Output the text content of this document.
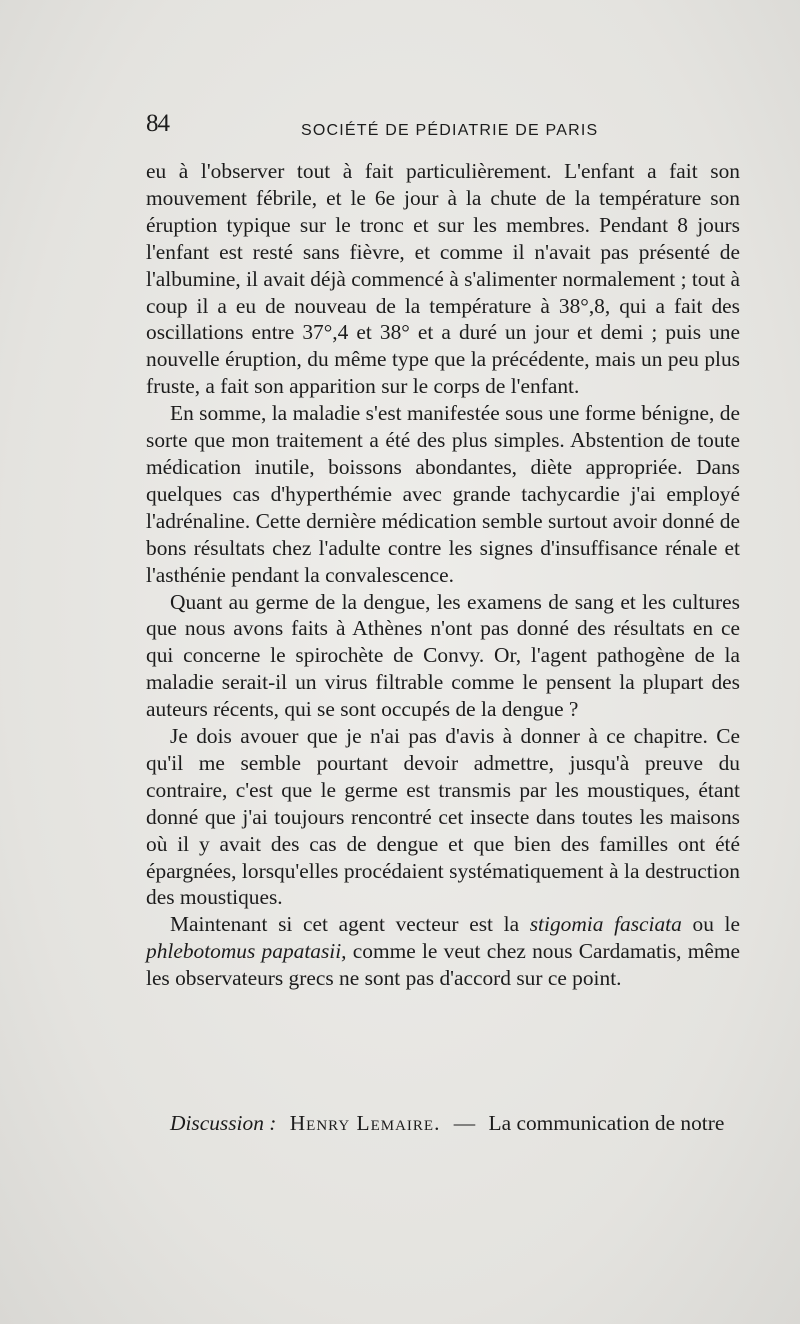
84	SOCIÉTÉ DE PÉDIATRIE DE PARIS

eu à l'observer tout à fait particulièrement. L'enfant a fait son mouvement fébrile, et le 6e jour à la chute de la température son éruption typique sur le tronc et sur les membres. Pendant 8 jours l'enfant est resté sans fièvre, et comme il n'avait pas présenté de l'albumine, il avait déjà commencé à s'alimenter normalement ; tout à coup il a eu de nouveau de la température à 38°,8, qui a fait des oscillations entre 37°,4 et 38° et a duré un jour et demi ; puis une nouvelle éruption, du même type que la précédente, mais un peu plus fruste, a fait son apparition sur le corps de l'enfant.

En somme, la maladie s'est manifestée sous une forme bénigne, de sorte que mon traitement a été des plus simples. Abstention de toute médication inutile, boissons abondantes, diète appropriée. Dans quelques cas d'hyperthémie avec grande tachycardie j'ai employé l'adrénaline. Cette dernière médication semble surtout avoir donné de bons résultats chez l'adulte contre les signes d'insuffisance rénale et l'asthénie pendant la convalescence.

Quant au germe de la dengue, les examens de sang et les cultures que nous avons faits à Athènes n'ont pas donné des résultats en ce qui concerne le spirochète de Convy. Or, l'agent pathogène de la maladie serait-il un virus filtrable comme le pensent la plupart des auteurs récents, qui se sont occupés de la dengue ?

Je dois avouer que je n'ai pas d'avis à donner à ce chapitre. Ce qu'il me semble pourtant devoir admettre, jusqu'à preuve du contraire, c'est que le germe est transmis par les moustiques, étant donné que j'ai toujours rencontré cet insecte dans toutes les maisons où il y avait des cas de dengue et que bien des familles ont été épargnées, lorsqu'elles procédaient systématiquement à la destruction des moustiques.

Maintenant si cet agent vecteur est la stigomia fasciata ou le phlebotomus papatasii, comme le veut chez nous Cardamatis, même les observateurs grecs ne sont pas d'accord sur ce point.

Discussion : Henry Lemaire. — La communication de notre
